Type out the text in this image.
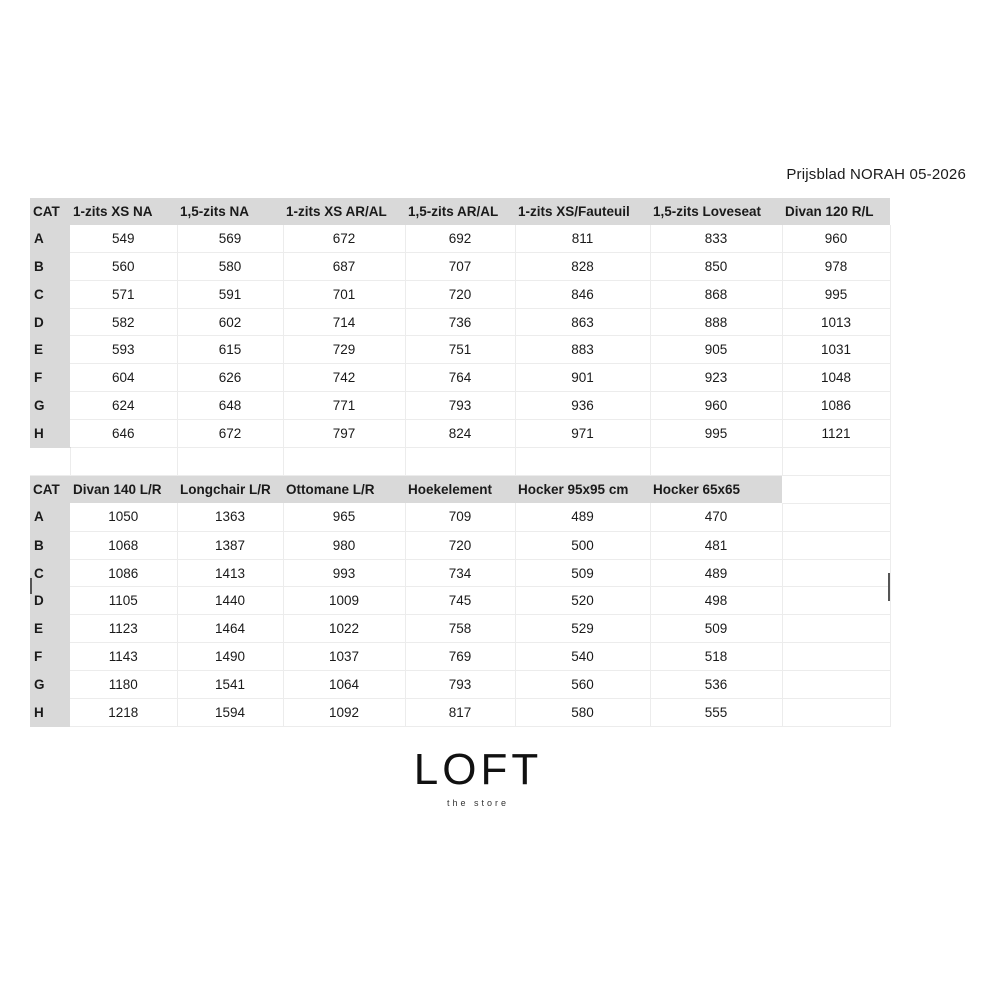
Prijsblad NORAH 05-2026
CAT	1-zits XS NA	1,5-zits NA	1-zits XS AR/AL	1,5-zits AR/AL	1-zits XS/Fauteuil	1,5-zits Loveseat	Divan 120 R/L
A	549	569	672	692	811	833	960
B	560	580	687	707	828	850	978
C	571	591	701	720	846	868	995
D	582	602	714	736	863	888	1013
E	593	615	729	751	883	905	1031
F	604	626	742	764	901	923	1048
G	624	648	771	793	936	960	1086
H	646	672	797	824	971	995	1121

CAT	Divan 140 L/R	Longchair L/R	Ottomane L/R	Hoekelement	Hocker 95x95 cm	Hocker 65x65	
A	1050	1363	965	709	489	470	
B	1068	1387	980	720	500	481	
C	1086	1413	993	734	509	489	
D	1105	1440	1009	745	520	498	
E	1123	1464	1022	758	529	509	
F	1143	1490	1037	769	540	518	
G	1180	1541	1064	793	560	536	
H	1218	1594	1092	817	580	555	
LOFT
the store
